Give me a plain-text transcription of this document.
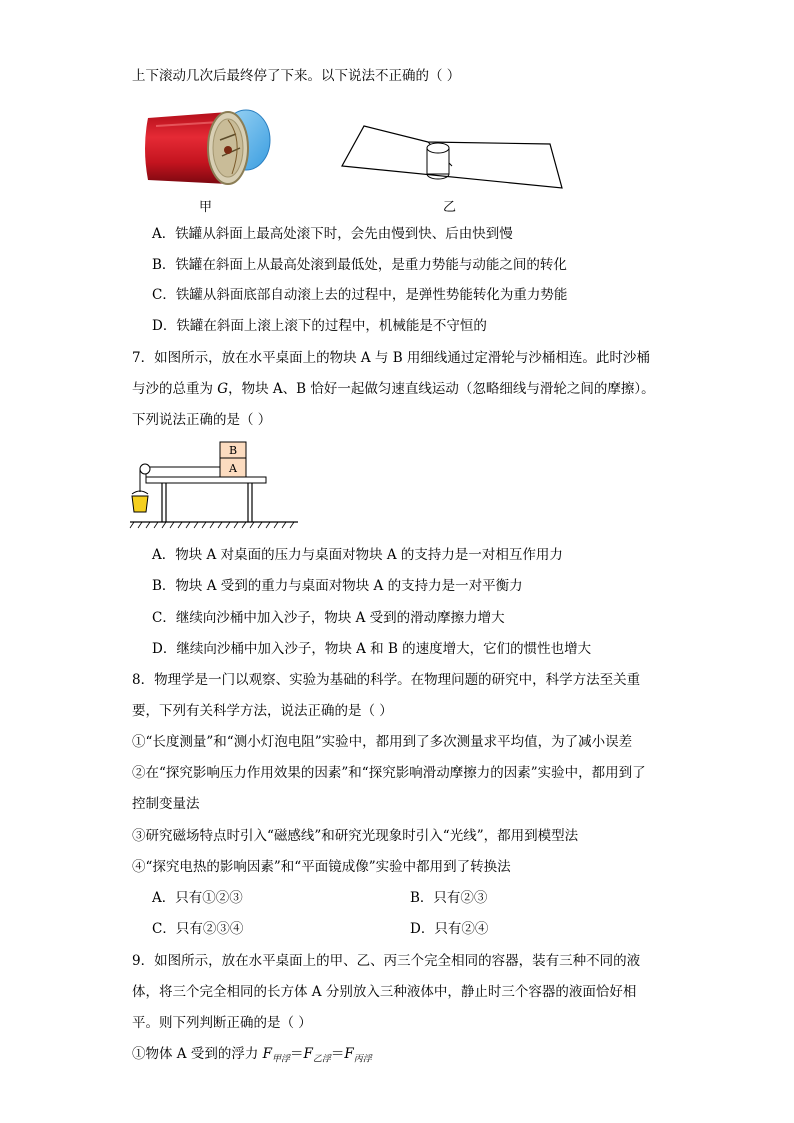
上下滚动几次后最终停了下来。以下说法不正确的（ ）
甲	乙
A．铁罐从斜面上最高处滚下时，会先由慢到快、后由快到慢
B．铁罐在斜面上从最高处滚到最低处，是重力势能与动能之间的转化
C．铁罐从斜面底部自动滚上去的过程中，是弹性势能转化为重力势能
D．铁罐在斜面上滚上滚下的过程中，机械能是不守恒的
7．如图所示，放在水平桌面上的物块 A 与 B 用细线通过定滑轮与沙桶相连。此时沙桶
与沙的总重为 G，物块 A、B 恰好一起做匀速直线运动（忽略细线与滑轮之间的摩擦）。
下列说法正确的是（ ）
B
A
A．物块 A 对桌面的压力与桌面对物块 A 的支持力是一对相互作用力
B．物块 A 受到的重力与桌面对物块 A 的支持力是一对平衡力
C．继续向沙桶中加入沙子，物块 A 受到的滑动摩擦力增大
D．继续向沙桶中加入沙子，物块 A 和 B 的速度增大，它们的惯性也增大
8．物理学是一门以观察、实验为基础的科学。在物理问题的研究中，科学方法至关重
要，下列有关科学方法，说法正确的是（ ）
①“长度测量”和“测小灯泡电阻”实验中，都用到了多次测量求平均值，为了减小误差
②在“探究影响压力作用效果的因素”和“探究影响滑动摩擦力的因素”实验中，都用到了
控制变量法
③研究磁场特点时引入“磁感线”和研究光现象时引入“光线”，都用到模型法
④“探究电热的影响因素”和“平面镜成像”实验中都用到了转换法
A．只有①②③	B．只有②③
C．只有②③④	D．只有②④
9．如图所示，放在水平桌面上的甲、乙、丙三个完全相同的容器，装有三种不同的液
体，将三个完全相同的长方体 A 分别放入三种液体中，静止时三个容器的液面恰好相
平。则下列判断正确的是（ ）
①物体 A 受到的浮力 $F_{甲浮}=F_{乙浮}=F_{丙浮}$
